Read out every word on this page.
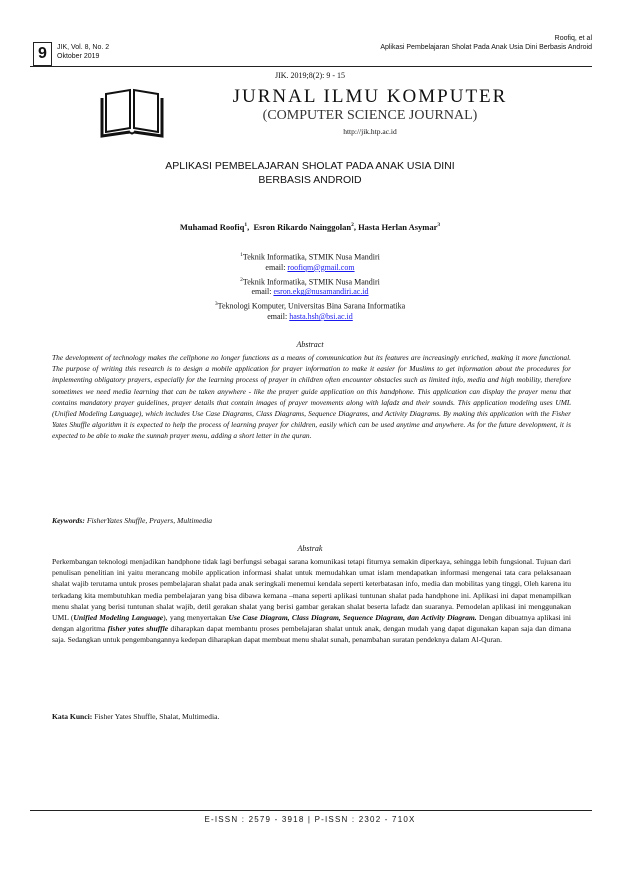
9	JIK, Vol. 8, No. 2
Oktober 2019
Roofiq, et al
Aplikasi Pembelajaran Sholat Pada Anak Usia Dini Berbasis Android
JIK. 2019;8(2): 9 - 15
JURNAL ILMU KOMPUTER
(COMPUTER SCIENCE JOURNAL)
http://jik.htp.ac.id
APLIKASI PEMBELAJARAN SHOLAT PADA ANAK USIA DINI
BERBASIS ANDROID
Muhamad Roofiq$^1$,  Esron Rikardo Nainggolan$^2$, Hasta Herlan Asymar$^3$
$^1$Teknik Informatika, STMIK Nusa Mandiri
email: roofiqm@gmail.com
$^2$Teknik Informatika, STMIK Nusa Mandiri
email: esron.ekg@nusamandiri.ac.id
$^3$Teknologi Komputer, Universitas Bina Sarana Informatika
email: hasta.hsh@bsi.ac.id
Abstract
The development of technology makes the cellphone no longer functions as a means of communication but its features are increasingly enriched, making it more functional. The purpose of writing this research is to design a mobile application for prayer information to make it easier for Muslims to get information about the procedures for implementing obligatory prayers, especially for the learning process of prayer in children often encounter obstacles such as limited info, media and high mobility, therefore sometimes we need media learning that can be taken anywhere - like the prayer guide application on this handphone. This application can display the prayer menu that contains mandatory prayer guidelines, prayer details that contain images of prayer movements along with lafadz and their sounds. This application modeling uses UML (Unified Modeling Language), which includes Use Case Diagrams, Class Diagrams, Sequence Diagrams, and Activity Diagrams. By making this application with the Fisher Yates Shuffle algorithm it is expected to help the process of learning prayer for children, easily which can be used anytime and anywhere. As for the future development, it is expected to be able to make the sunnah prayer menu, adding a short letter in the quran.
Keywords: FisherYates Shuffle, Prayers, Multimedia
Abstrak
Perkembangan teknologi menjadikan handphone tidak lagi berfungsi sebagai sarana komunikasi tetapi fiturnya semakin diperkaya, sehingga lebih fungsional. Tujuan dari penulisan penelitian ini yaitu merancang mobile application informasi shalat untuk memudahkan umat islam mendapatkan informasi mengenai tata cara pelaksanaan shalat wajib terutama untuk proses pembelajaran shalat pada anak seringkali menemui kendala seperti keterbatasan info, media dan mobilitas yang tinggi, Oleh karena itu terkadang kita membutuhkan media pembelajaran yang bisa dibawa kemana –mana seperti aplikasi tuntunan shalat pada handphone ini. Aplikasi ini dapat menampilkan menu shalat yang berisi tuntunan shalat wajib, detil gerakan shalat yang berisi gambar gerakan shalat beserta lafadz dan suaranya. Pemodelan aplikasi ini menggunakan UML (Unified Modeling Language), yang menyertakan Use Case Diagram, Class Diagram, Sequence Diagram, dan Activity Diagram. Dengan dibuatnya aplikasi ini dengan algoritma fisher yates shuffle diharapkan dapat membantu proses pembelajaran shalat untuk anak, dengan mudah yang dapat digunakan kapan saja dan dimana saja. Sedangkan untuk pengembangannya kedepan diharapkan dapat membuat menu shalat sunah, penambahan suratan pendeknya dalam Al-Quran.
Kata Kunci: Fisher Yates Shuffle, Shalat, Multimedia.
E-ISSN : 2579 - 3918 | P-ISSN : 2302 - 710X
